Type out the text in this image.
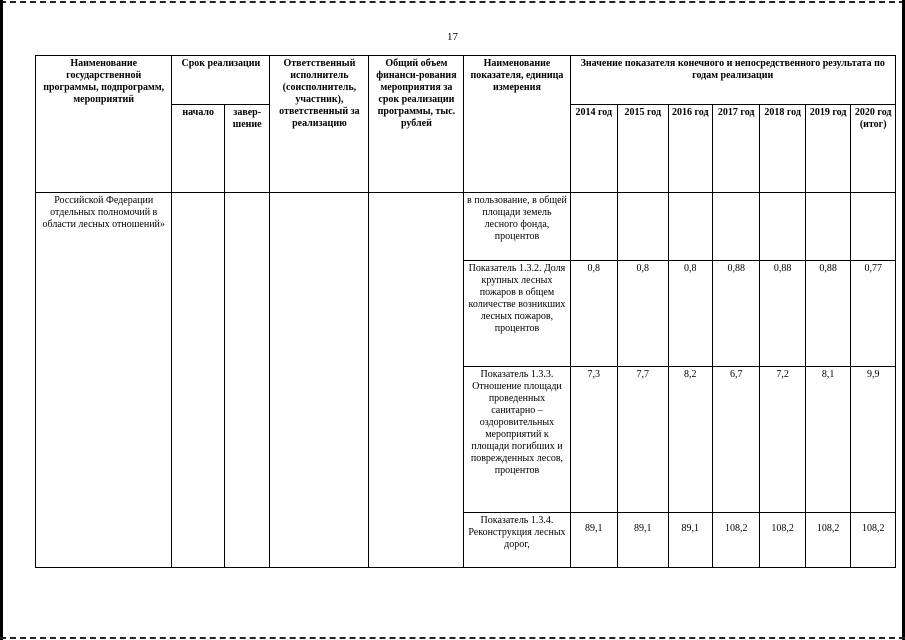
17
Наименование государственной программы, подпрограмм, мероприятий	Срок реализации		Ответственный исполнитель (соисполнитель, участник), ответственный за реализацию	Общий объем финанси-рования мероприятия за срок реализации программы, тыс. рублей	Наименование показателя, единица измерения	Значение показателя конечного и непосредственного результата по годам реализации						
	начало	завер-шение				2014 год	2015 год	2016 год	2017 год	2018 год	2019 год	2020 год (итог)
Российской Федерации отдельных полномочий в области лесных отношений»					в пользование, в общей площади земель лесного фонда, процентов							
					Показатель 1.3.2. Доля крупных лесных пожаров в общем количестве возникших лесных пожаров, процентов	0,8	0,8	0,8	0,88	0,88	0,88	0,77
					Показатель 1.3.3. Отношение площади проведенных санитарно – оздоровительных мероприятий к площади погибших и поврежденных лесов, процентов	7,3	7,7	8,2	6,7	7,2	8,1	9,9
					Показатель 1.3.4. Реконструкция лесных дорог,	89,1	89,1	89,1	108,2	108,2	108,2	108,2
